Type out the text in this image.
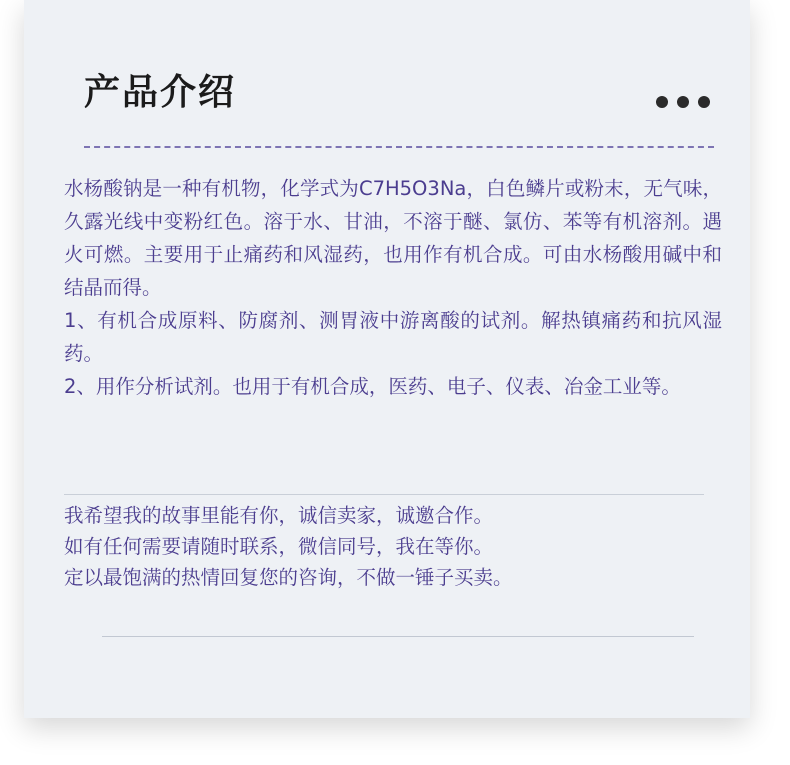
产品介绍

水杨酸钠是一种有机物，化学式为C7H5O3Na，白色鳞片或粉末，无气味，久露光线中变粉红色。溶于水、甘油，不溶于醚、氯仿、苯等有机溶剂。遇火可燃。主要用于止痛药和风湿药，也用作有机合成。可由水杨酸用碱中和结晶而得。

1、有机合成原料、防腐剂、测胃液中游离酸的试剂。解热镇痛药和抗风湿药。

2、用作分析试剂。也用于有机合成，医药、电子、仪表、冶金工业等。

我希望我的故事里能有你，诚信卖家，诚邀合作。

如有任何需要请随时联系，微信同号，我在等你。

定以最饱满的热情回复您的咨询，不做一锤子买卖。
